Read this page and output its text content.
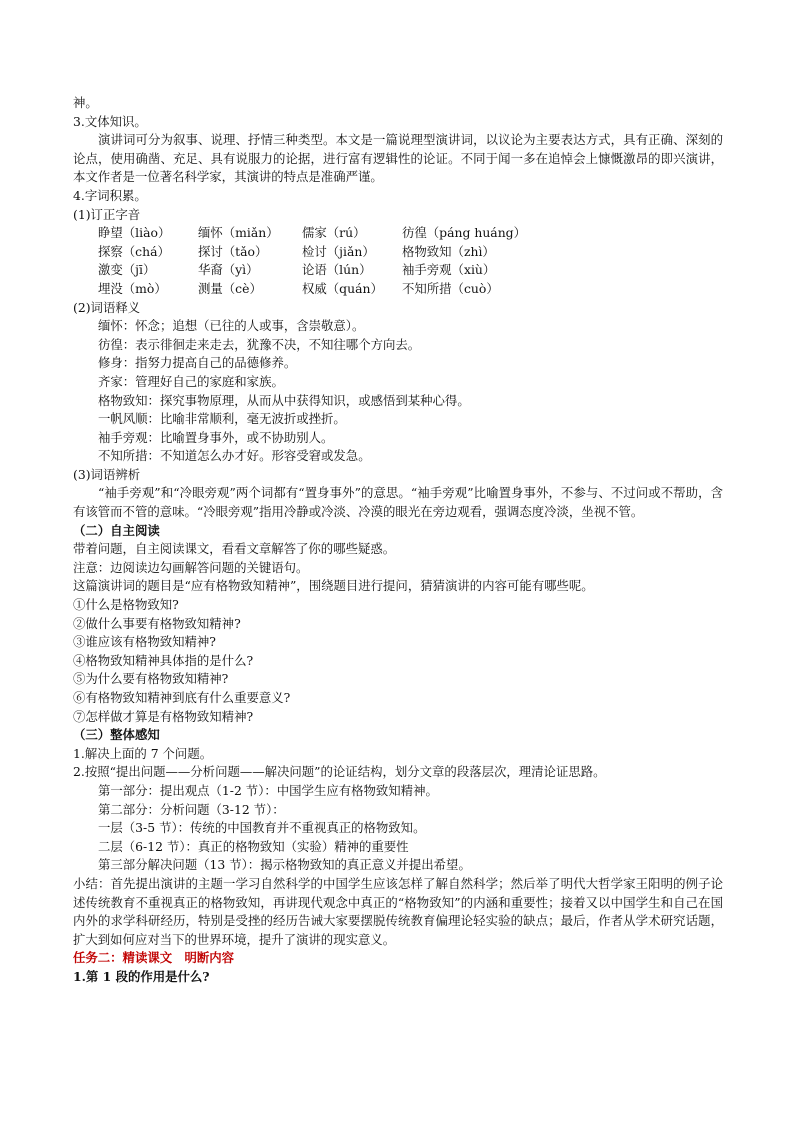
神。

3.文体知识。

演讲词可分为叙事、说理、抒情三种类型。本文是一篇说理型演讲词，以议论为主要表达方式，具有正确、深刻的论点，使用确凿、充足、具有说服力的论据，进行富有逻辑性的论证。不同于闻一多在追悼会上慷慨激昂的即兴演讲，本文作者是一位著名科学家，其演讲的特点是准确严谨。

4.字词积累。

(1)订正字音

睁望（liào）	缅怀（miǎn）	儒家（rú）	彷徨（páng huáng）
探察（chá）	探讨（tǎo）	检讨（jiǎn）	格物致知（zhì）
激变（jī）	华裔（yì）	论语（lún）	袖手旁观（xiù）
埋没（mò）	测量（cè）	权威（quán）	不知所措（cuò）

(2)词语释义

缅怀：怀念；追想（已往的人或事，含崇敬意）。

彷徨：表示徘徊走来走去，犹豫不决，不知往哪个方向去。

修身：指努力提高自己的品德修养。

齐家：管理好自己的家庭和家族。

格物致知：探究事物原理，从而从中获得知识，或感悟到某种心得。

一帆风顺：比喻非常顺利，毫无波折或挫折。

袖手旁观：比喻置身事外，或不协助别人。

不知所措：不知道怎么办才好。形容受窘或发急。

(3)词语辨析

“袖手旁观”和“冷眼旁观”两个词都有“置身事外”的意思。“袖手旁观”比喻置身事外，不参与、不过问或不帮助，含有该管而不管的意味。“冷眼旁观”指用冷静或冷淡、冷漠的眼光在旁边观看，强调态度冷淡，坐视不管。

（二）自主阅读

带着问题，自主阅读课文，看看文章解答了你的哪些疑惑。

注意：边阅读边勾画解答问题的关键语句。

这篇演讲词的题目是“应有格物致知精神”，围绕题目进行提问，猜猜演讲的内容可能有哪些呢。

①什么是格物致知?

②做什么事要有格物致知精神?

③谁应该有格物致知精神?

④格物致知精神具体指的是什么?

⑤为什么要有格物致知精神?

⑥有格物致知精神到底有什么重要意义?

⑦怎样做才算是有格物致知精神?

（三）整体感知

1.解决上面的 7 个问题。

2.按照“提出问题——分析问题——解决问题”的论证结构，划分文章的段落层次，理清论证思路。

第一部分：提出观点（1-2 节）：中国学生应有格物致知精神。

第二部分：分析问题（3-12 节）：

一层（3-5 节）：传统的中国教育并不重视真正的格物致知。

二层（6-12 节）：真正的格物致知（实验）精神的重要性

第三部分解决问题（13 节）：揭示格物致知的真正意义并提出希望。

小结：首先提出演讲的主题一学习自然科学的中国学生应该怎样了解自然科学；然后举了明代大哲学家王阳明的例子论述传统教育不重视真正的格物致知，再讲现代观念中真正的“格物致知”的内涵和重要性；接着又以中国学生和自己在国内外的求学科研经历，特别是受挫的经历告诫大家要摆脱传统教育偏理论轻实验的缺点；最后，作者从学术研究话题，扩大到如何应对当下的世界环境，提升了演讲的现实意义。

任务二：精读课文　明断内容

1.第 1 段的作用是什么?
